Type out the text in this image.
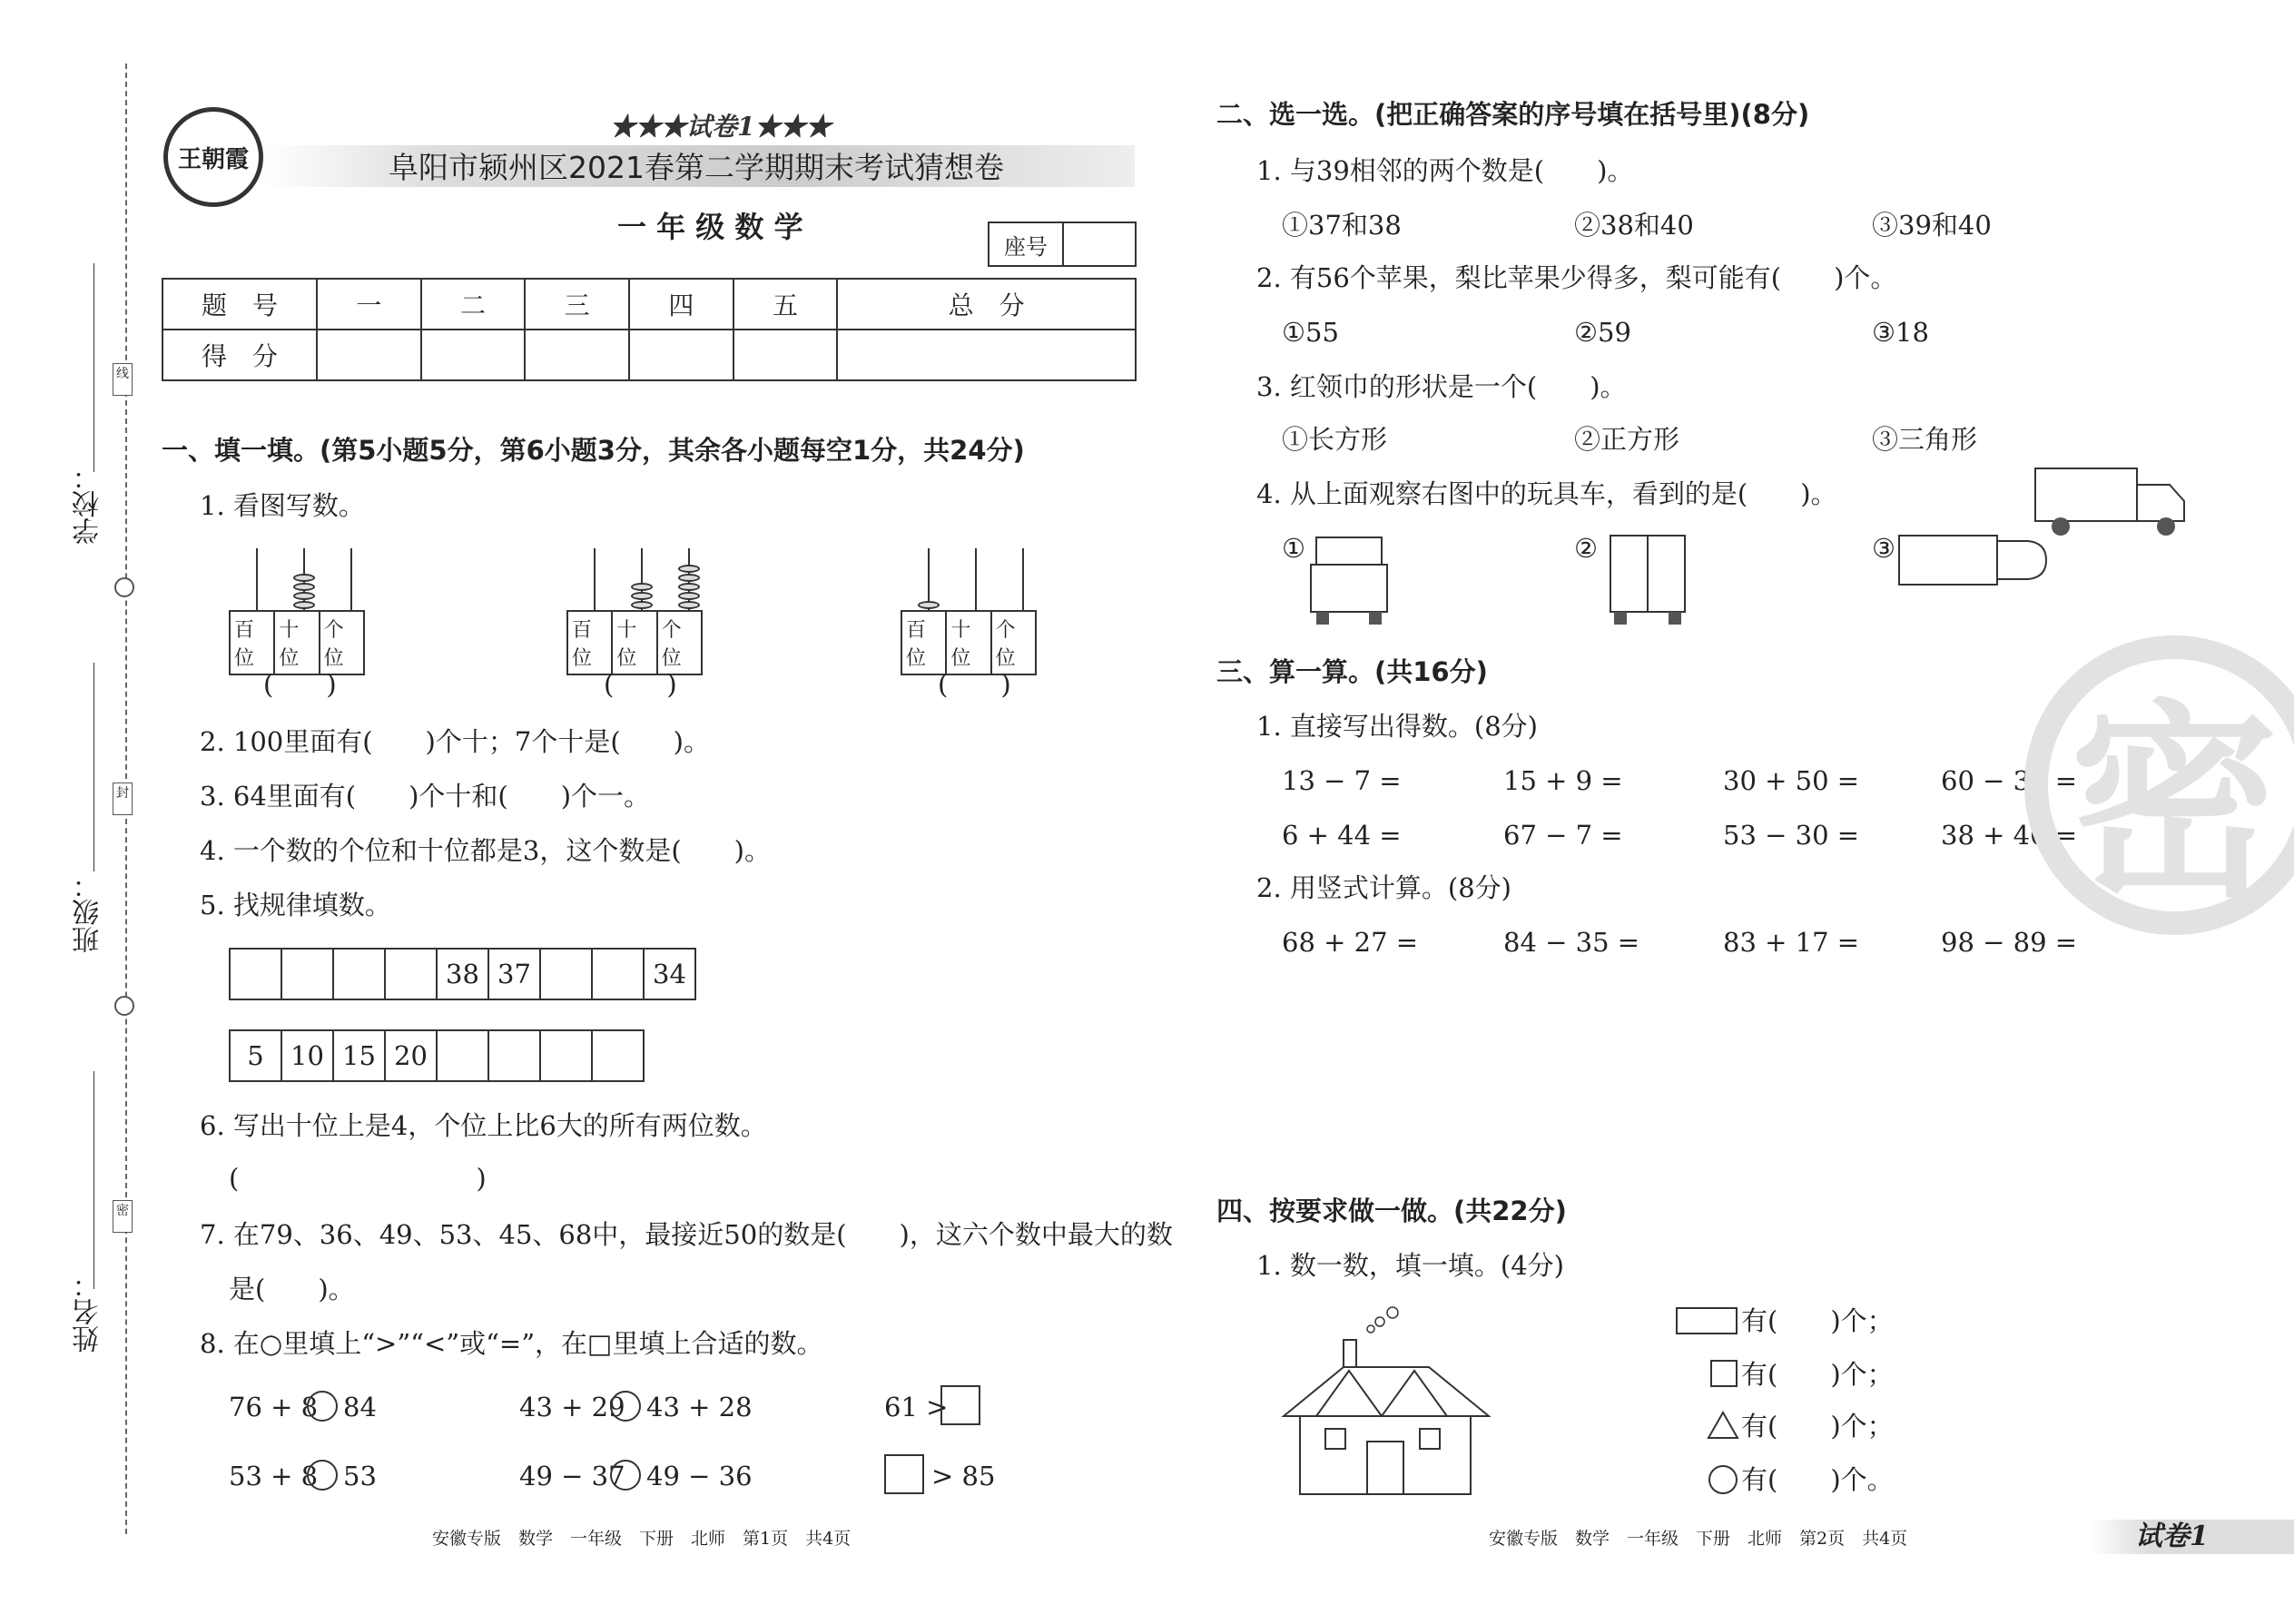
学校：
班级：
姓名：
线
封
密
王朝霞
★★★试卷1★★★
阜阳市颍州区2021春第二学期期末考试猜想卷
一 年 级 数 学
座号
题　号	一	二	三	四	五	总　分
得　分						
一、填一填。(第5小题5分，第6小题3分，其余各小题每空1分，共24分)
1. 看图写数。
百位
十位
个位
(　　)
百位
十位
个位
(　　)
百位
十位
个位
(　　)
2. 100里面有(　　)个十；7个十是(　　)。
3. 64里面有(　　)个十和(　　)个一。
4. 一个数的个位和十位都是3，这个数是(　　)。
5. 找规律填数。
38 37	34
5	10 15 20
6. 写出十位上是4，个位上比6大的所有两位数。
(　　　　　　　　　)
7. 在79、36、49、53、45、68中，最接近50的数是(　　)，这六个数中最大的数
是(　　)。
8. 在○里填上“>”“<”或“=”，在□里填上合适的数。
76 + 8 84	43 + 29 43 + 28	61 >
53 + 8 53	49 − 37 49 − 36	> 85
安徽专版　数学　一年级　下册　北师　第1页　共4页
二、选一选。(把正确答案的序号填在括号里)(8分)
1. 与39相邻的两个数是(　　)。
①37和38	②38和40	③39和40
2. 有56个苹果，梨比苹果少得多，梨可能有(　　)个。
①55	②59	③18
3. 红领巾的形状是一个(　　)。
①长方形	②正方形	③三角形
4. 从上面观察右图中的玩具车，看到的是(　　)。
①	②	③
三、算一算。(共16分)
1. 直接写出得数。(8分)
13 − 7 =	15 + 9 =	30 + 50 =	60 − 30 =
6 + 44 =	67 − 7 =	53 − 30 =	38 + 40 =
2. 用竖式计算。(8分)
68 + 27 =	84 − 35 =	83 + 17 =	98 − 89 =
密
四、按要求做一做。(共22分)
1. 数一数，填一填。(4分)
有(　　)个；
有(　　)个；
有(　　)个；
有(　　)个。
安徽专版　数学　一年级　下册　北师　第2页　共4页	试卷1
